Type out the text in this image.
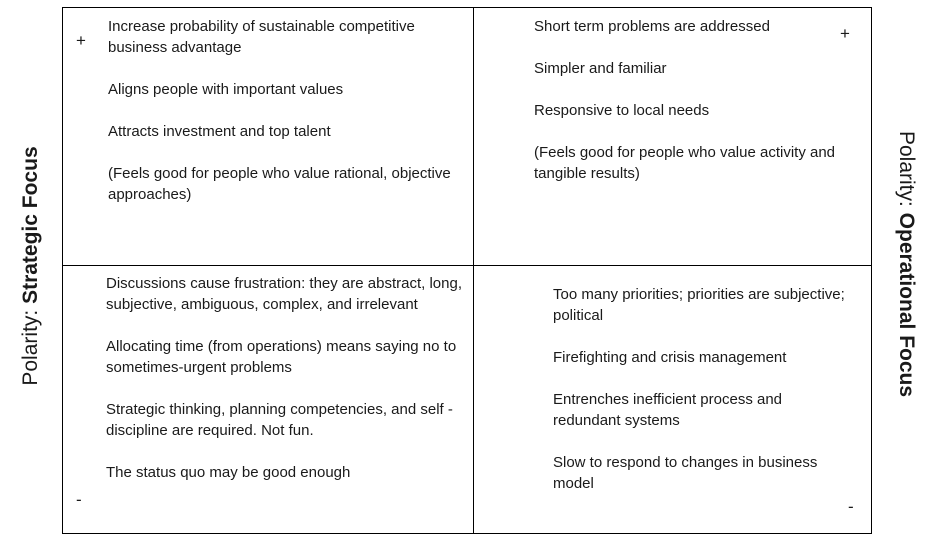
Polarity: Strategic Focus	Polarity: Operational Focus
+	+
-	-

Increase probability of sustainable competitive business advantage

Aligns people with important values

Attracts investment and top talent

(Feels good for people who value rational, objective approaches)

Short term problems are addressed

Simpler and familiar

Responsive to local needs

(Feels good for people who value activity and tangible results)

Discussions cause frustration: they are abstract, long, subjective, ambiguous, complex, and irrelevant

Allocating time (from operations) means saying no to sometimes-urgent problems

Strategic thinking, planning competencies, and self -discipline are required. Not fun.

The status quo may be good enough

Too many priorities; priorities are subjective; political

Firefighting and crisis management

Entrenches inefficient process and redundant systems

Slow to respond to changes in business model
